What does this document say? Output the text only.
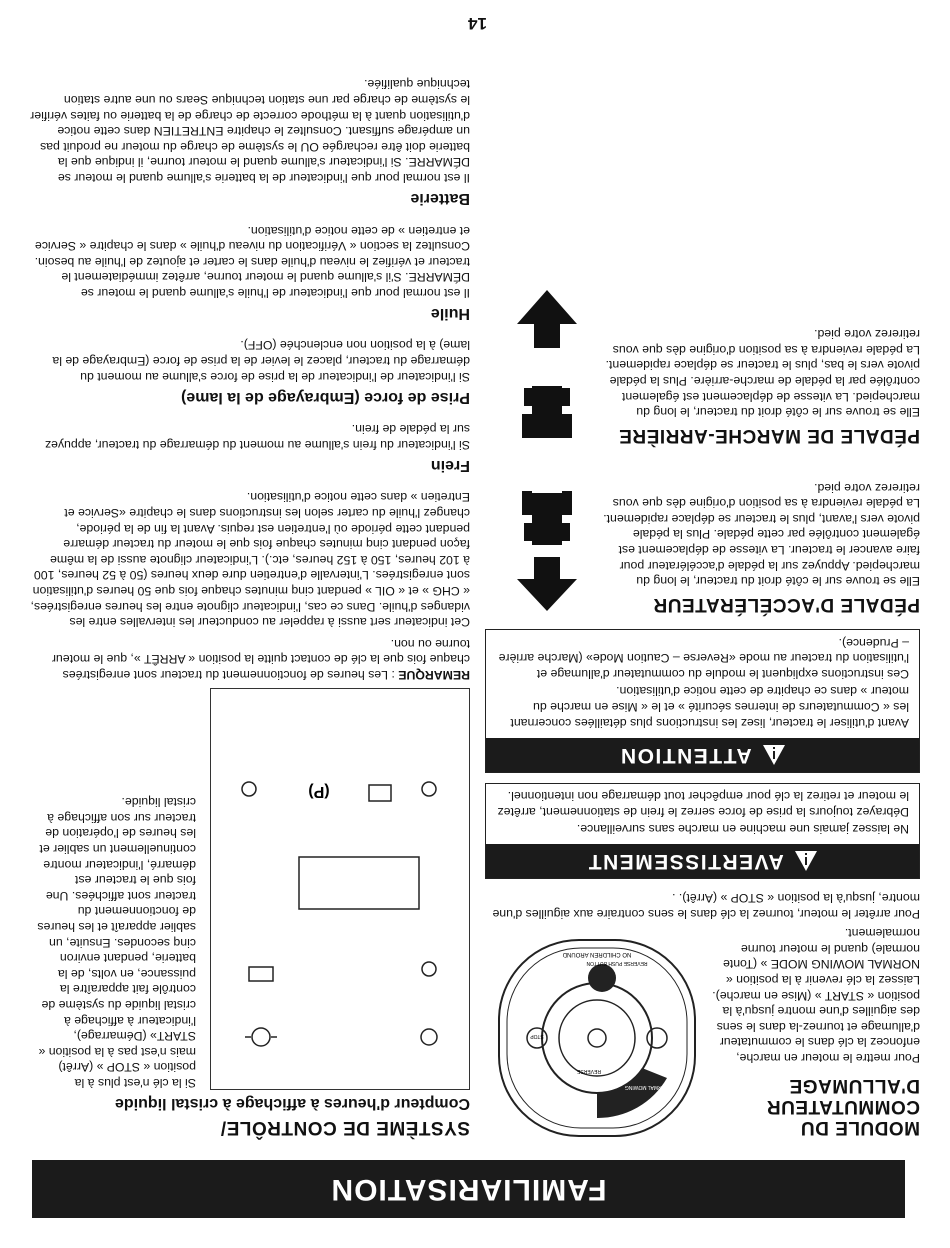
FAMILIARISATION
MODULE DU
COMMUTATEUR
D'ALLUMAGE

Pour mettre le moteur en marche, enfoncez la clé dans le commutateur d'allumage et tournez-la dans le sens des aiguilles d'une montre jusqu'à la position « START » (Mise en marche). Laissez la clé revenir à la position « NORMAL MOWING MODE » (Tonte normale) quand le moteur tourne normalement.

NO CHILDREN AROUND
REVERSE PUSH BUTTON
CAUTION MODE
REVERSE
NORMAL MOWING
STOP

Pour arrêter le moteur, tournez la clé dans le sens contraire aux aiguilles d'une montre, jusqu'à la position « STOP » (Arrêt). .

AVERTISSEMENT

Ne laissez jamais une machine en marche sans surveillance.

Débrayez toujours la prise de force serrez le frein de stationnement, arrêtez le moteur et retirez la clé pour empêcher tout démarrage non intentionnel.

ATTENTION

Avant d'utiliser le tracteur, lisez les instructions plus détaillées concernant les « Commutateurs de internes sécurité » et le « Mise en marche du moteur » dans ce chapitre de cette notice d'utilisation.

Ces instructions expliquent le module du commutateur d'allumage et l'utilisation du tracteur au mode «Reverse – Caution Mode» (Marche arrière – Prudence).

PÉDALE D'ACCÉLÉRATEUR

Elle se trouve sur le côté droit du tracteur, le long du marchepied. Appuyez sur la pédale d'accélérateur pour faire avancer le tracteur. La vitesse de déplacement est également contrôlée par cette pédale. Plus la pédale pivote vers l'avant, plus le tracteur se déplace rapidement. La pédale reviendra à sa position d'origine dès que vous retirerez votre pied.

PÉDALE DE MARCHE-ARRIÈRE

Elle se trouve sur le côté droit du tracteur, le long du marchepied. La vitesse de déplacement est également contrôlée par la pédale de marche-arrière. Plus la pédale pivote vers le bas, plus le tracteur se déplace rapidement. La pédale reviendra à sa position d'origine dès que vous retirerez votre pied.

SYSTÈME DE CONTRÔLE/
Compteur d'heures à affichage à cristal liquide
(P)

Si la clé n'est plus à la position « STOP » (Arrêt) mais n'est pas à la position « START» (Démarrage), l'indicateur à affichage à cristal liquide du système de contrôle fait apparaître la puissance, en volts, de la batterie, pendant environ cinq secondes. Ensuite, un sablier apparaît et les heures de fonctionnement du tracteur sont affichées. Une fois que le tracteur est démarré, l'indicateur montre continuellement un sablier et les heures de l'opération de tracteur sur son affichage à cristal liquide.

REMARQUE : Les heures de fonctionnement du tracteur sont enregistrées chaque fois que la clé de contact quitte la position « ARRÊT », que le moteur tourne ou non.

Cet indicateur sert aussi à rappeler au conducteur les intervalles entre les vidanges d'huile. Dans ce cas, l'indicateur clignote entre les heures enregistrées, « CHG » et « OIL » pendant cinq minutes chaque fois que 50 heures d'utilisation sont enregistrées. L'intervalle d'entretien dure deux heures (50 à 52 heures, 100 à 102 heures, 150 à 152 heures, etc.). L'indicateur clignote aussi de la même façon pendant cinq minutes chaque fois que le moteur du tracteur démarre pendant cette période où l'entretien est requis. Avant la fin de la période, changez l'huile du carter selon les instructions dans le chapitre «Service et Entretien » dans cette notice d'utilisation.

Frein

Si l'indicateur du frein s'allume au moment du démarrage du tracteur, appuyez sur la pédale de frein.

Prise de force (Embrayage de la lame)

Si l'indicateur de l'indicateur de la prise de force s'allume au moment du démarrage du tracteur, placez le levier de la prise de force (Embrayage de la lame) à la position non enclenchée (OFF).

Huile

Il est normal pour que l'indicateur de l'huile s'allume quand le moteur se DÉMARRE. S'il s'allume quand le moteur tourne, arrêtez immédiatement le tracteur et vérifiez le niveau d'huile dans le carter et ajoutez de l'huile au besoin. Consultez la section « Vérification du niveau d'huile » dans le chapitre « Service et entretien » de cette notice d'utilisation.

Batterie

Il est normal pour que l'indicateur de la batterie s'allume quand le moteur se DÉMARRE. Si l'indicateur s'allume quand le moteur tourne, il indique que la batterie doit être rechargée OU le système de charge du moteur ne produit pas un ampérage suffisant. Consultez le chapitre ENTRETIEN dans cette notice d'utilisation quant à la méthode correcte de charge de la batterie ou faites vérifier le système de charge par une station technique Sears ou une autre station technique qualifiée.

14
